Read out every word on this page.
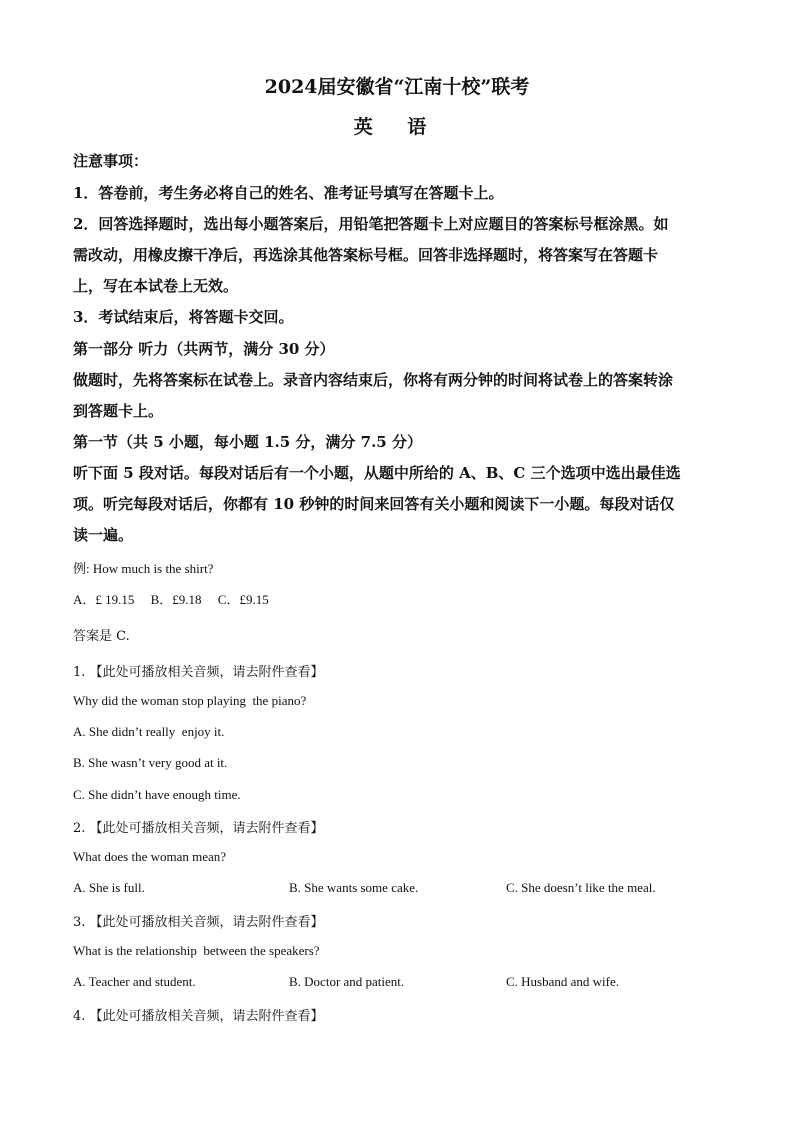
2024届安徽省“江南十校”联考
英 语
注意事项：
1．答卷前，考生务必将自己的姓名、准考证号填写在答题卡上。
2．回答选择题时，选出每小题答案后，用铅笔把答题卡上对应题目的答案标号框涂黑。如
需改动，用橡皮擦干净后，再选涂其他答案标号框。回答非选择题时，将答案写在答题卡
上，写在本试卷上无效。
3．考试结束后，将答题卡交回。
第一部分 听力（共两节，满分 30 分）
做题时，先将答案标在试卷上。录音内容结束后，你将有两分钟的时间将试卷上的答案转涂
到答题卡上。
第一节（共 5 小题，每小题 1.5 分，满分 7.5 分）
听下面 5 段对话。每段对话后有一个小题，从题中所给的 A、B、C 三个选项中选出最佳选
项。听完每段对话后，你都有 10 秒钟的时间来回答有关小题和阅读下一小题。每段对话仅
读一遍。
例: How much is the shirt?
A．£ 19.15     B．£9.18     C．£9.15
答案是 C.
1. 【此处可播放相关音频，请去附件查看】
Why did the woman stop playing  the piano?
A. She didn’t really  enjoy it.
B. She wasn’t very good at it.
C. She didn’t have enough time.
2. 【此处可播放相关音频，请去附件查看】
What does the woman mean?
A. She is full.	B. She wants some cake.	C. She doesn’t like the meal.
3. 【此处可播放相关音频，请去附件查看】
What is the relationship  between the speakers?
A. Teacher and student.	B. Doctor and patient.	C. Husband and wife.
4. 【此处可播放相关音频，请去附件查看】
